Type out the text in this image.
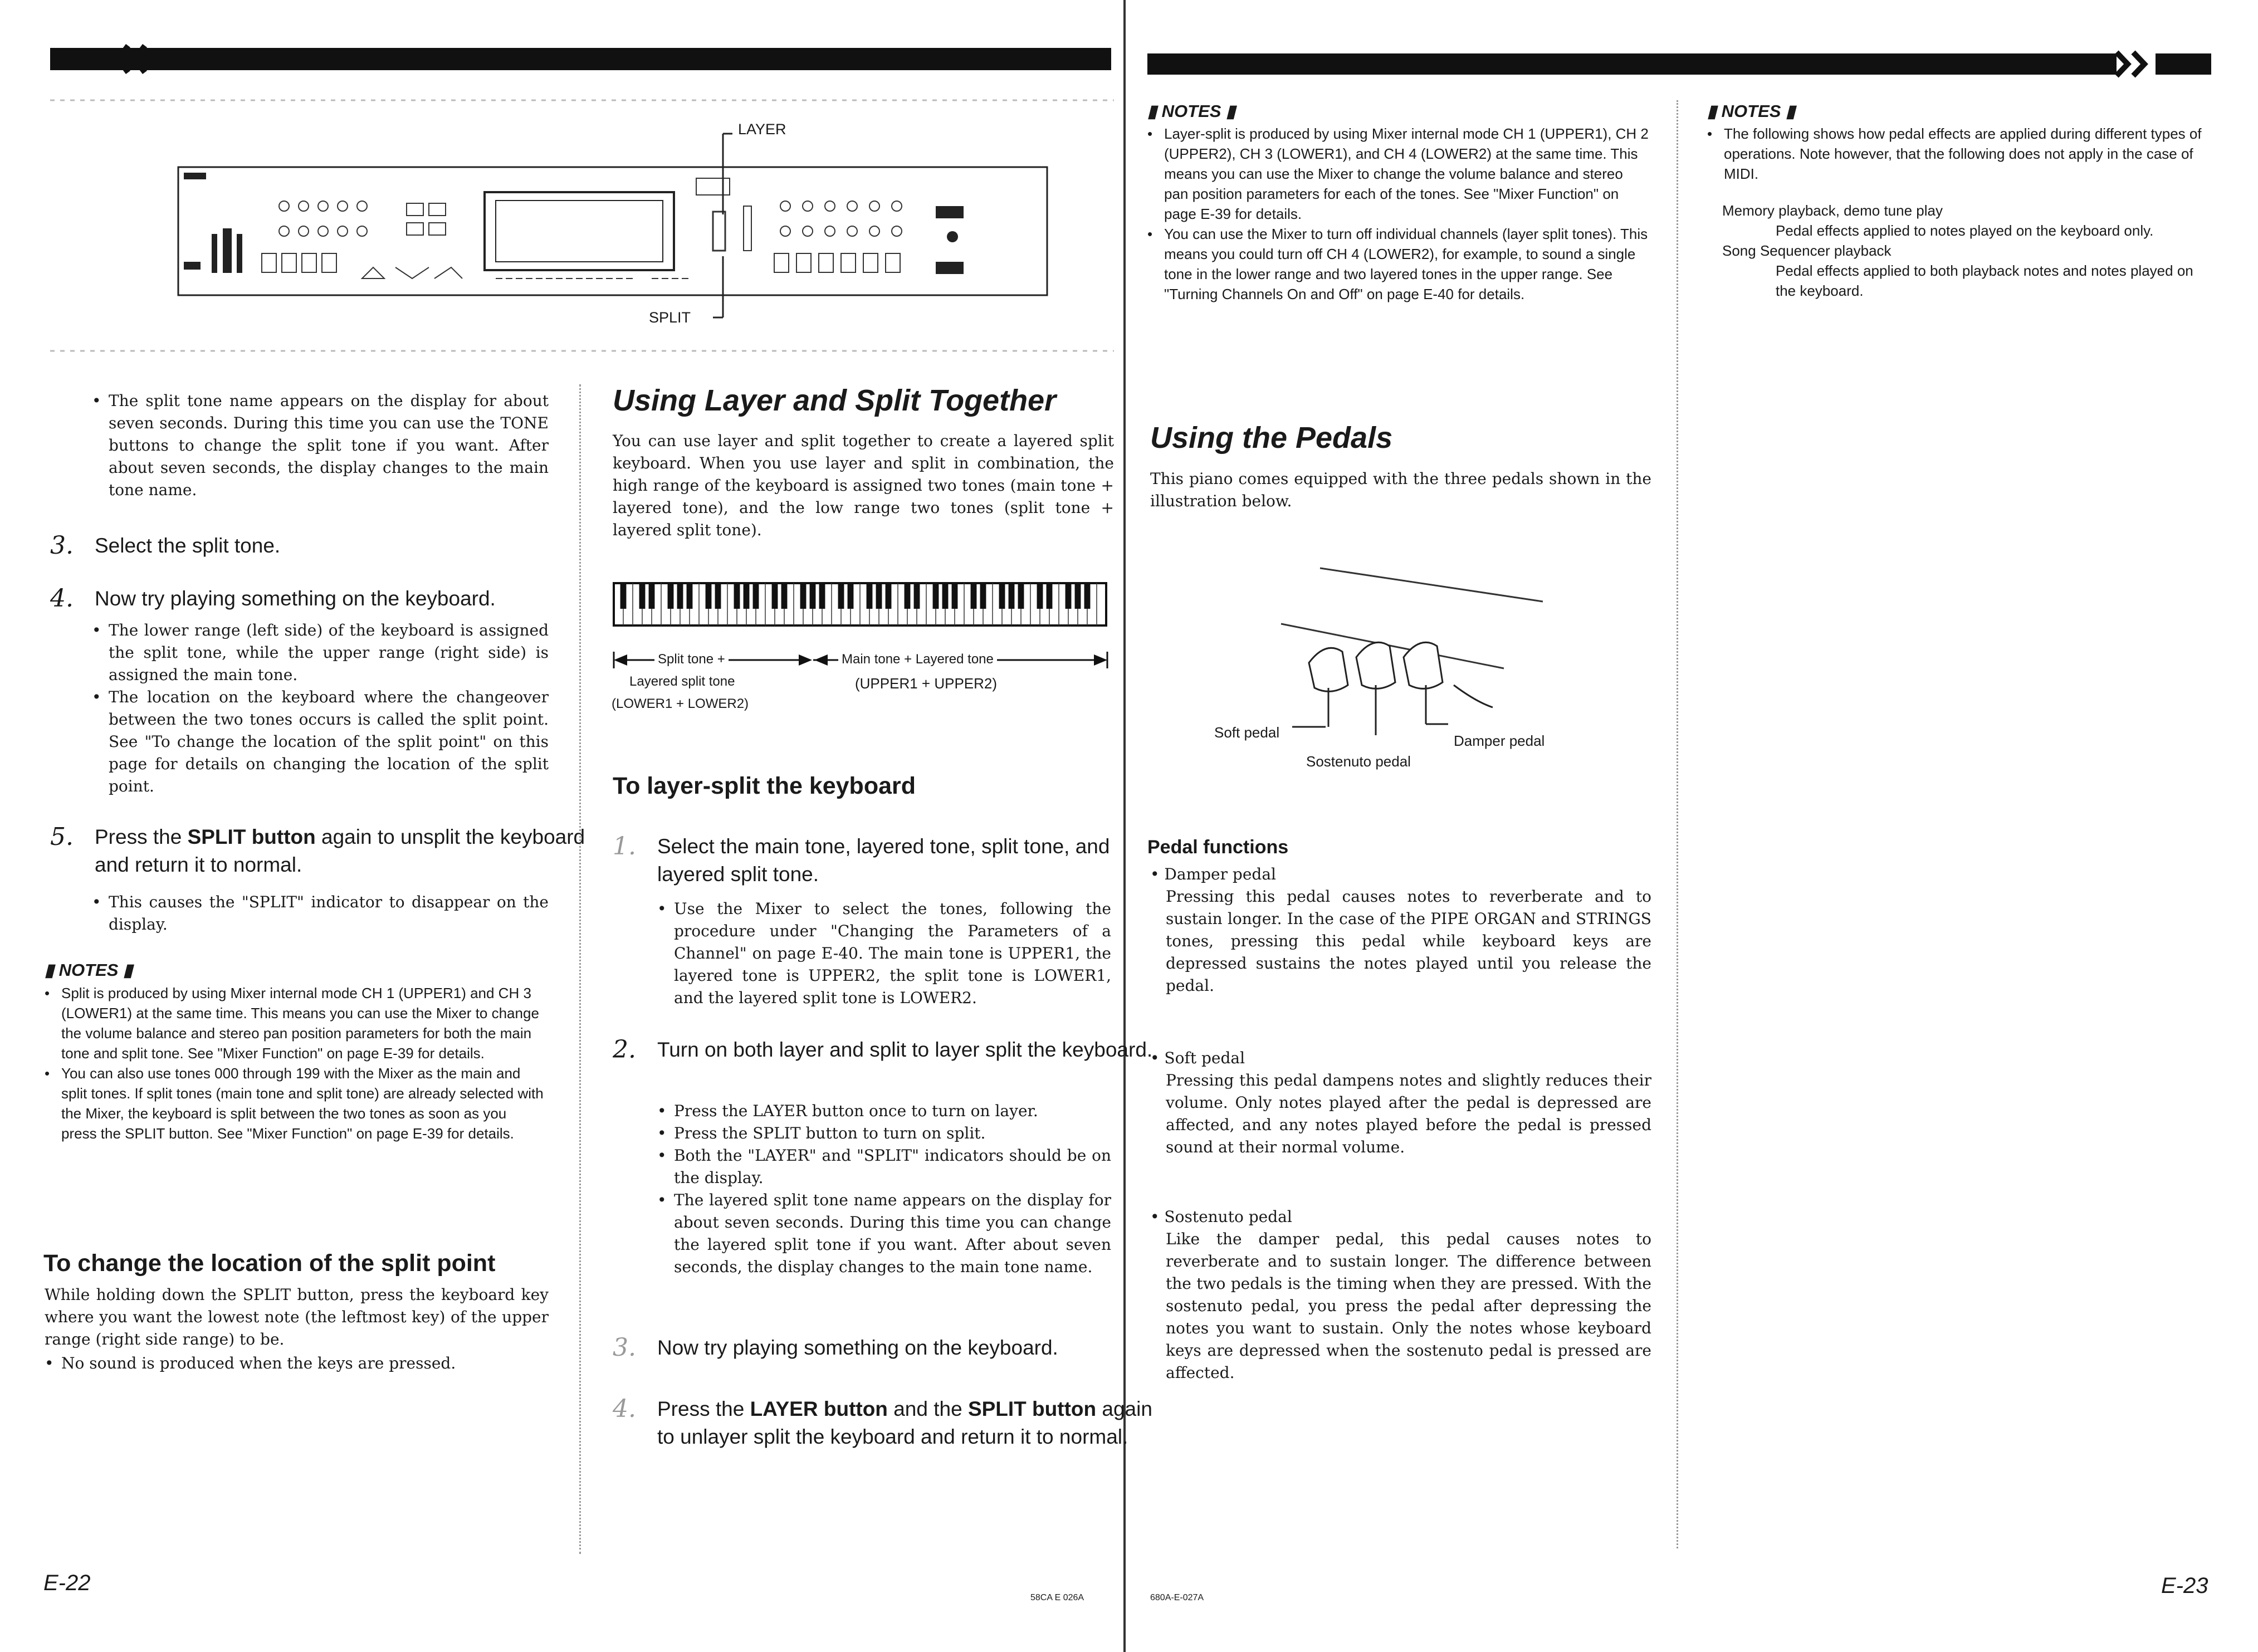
LAYER
SPLIT
• The split tone name appears on the display for about seven seconds. During this time you can use the TONE buttons to change the split tone if you want. After about seven seconds, the display changes to the main tone name.
3. Select the split tone.
4. Now try playing something on the keyboard.
• The lower range (left side) of the keyboard is assigned the split tone, while the upper range (right side) is assigned the main tone.
• The location on the keyboard where the changeover between the two tones occurs is called the split point. See "To change the location of the split point" on this page for details on changing the location of the split point.
5. Press the SPLIT button again to unsplit the keyboard and return it to normal.
• This causes the "SPLIT" indicator to disappear on the display.
▮ NOTES ▮
• Split is produced by using Mixer internal mode CH 1 (UPPER1) and CH 3 (LOWER1) at the same time. This means you can use the Mixer to change the volume balance and stereo pan position parameters for both the main tone and split tone. See "Mixer Function" on page E-39 for details.
• You can also use tones 000 through 199 with the Mixer as the main and split tones. If split tones (main tone and split tone) are already selected with the Mixer, the keyboard is split between the two tones as soon as you press the SPLIT button. See "Mixer Function" on page E-39 for details.
To change the location of the split point
While holding down the SPLIT button, press the keyboard key where you want the lowest note (the leftmost key) of the upper range (right side range) to be.
• No sound is produced when the keys are pressed.
E-22
Using Layer and Split Together
You can use layer and split together to create a layered split keyboard. When you use layer and split in combination, the high range of the keyboard is assigned two tones (main tone + layered tone), and the low range two tones (split tone + layered split tone).
Split tone +
Layered split tone
(LOWER1 + LOWER2)
Main tone + Layered tone
(UPPER1 + UPPER2)
To layer-split the keyboard
1. Select the main tone, layered tone, split tone, and layered split tone.
• Use the Mixer to select the tones, following the procedure under "Changing the Parameters of a Channel" on page E-40. The main tone is UPPER1, the layered tone is UPPER2, the split tone is LOWER1, and the layered split tone is LOWER2.
2. Turn on both layer and split to layer split the keyboard.
• Press the LAYER button once to turn on layer.
• Press the SPLIT button to turn on split.
• Both the "LAYER" and "SPLIT" indicators should be on the display.
• The layered split tone name appears on the display for about seven seconds. During this time you can change the layered split tone if you want. After about seven seconds, the display changes to the main tone name.
3. Now try playing something on the keyboard.
4. Press the LAYER button and the SPLIT button again to unlayer split the keyboard and return it to normal.
58CA E 026A
▮ NOTES ▮
• Layer-split is produced by using Mixer internal mode CH 1 (UPPER1), CH 2 (UPPER2), CH 3 (LOWER1), and CH 4 (LOWER2) at the same time. This means you can use the Mixer to change the volume balance and stereo pan position parameters for each of the tones. See "Mixer Function" on page E-39 for details.
• You can use the Mixer to turn off individual channels (layer split tones). This means you could turn off CH 4 (LOWER2), for example, to sound a single tone in the lower range and two layered tones in the upper range. See "Turning Channels On and Off" on page E-40 for details.
Using the Pedals
This piano comes equipped with the three pedals shown in the illustration below.
Soft pedal	Damper pedal
Sostenuto pedal
Pedal functions
• Damper pedal
Pressing this pedal causes notes to reverberate and to sustain longer. In the case of the PIPE ORGAN and STRINGS tones, pressing this pedal while keyboard keys are depressed sustains the notes played until you release the pedal.
• Soft pedal
Pressing this pedal dampens notes and slightly reduces their volume. Only notes played after the pedal is depressed are affected, and any notes played before the pedal is pressed sound at their normal volume.
• Sostenuto pedal
Like the damper pedal, this pedal causes notes to reverberate and to sustain longer. The difference between the two pedals is the timing when they are pressed. With the sostenuto pedal, you press the pedal after depressing the notes you want to sustain. Only the notes whose keyboard keys are depressed when the sostenuto pedal is pressed are affected.
680A-E-027A
▮ NOTES ▮
• The following shows how pedal effects are applied during different types of operations. Note however, that the following does not apply in the case of MIDI.
Memory playback, demo tune play
Pedal effects applied to notes played on the keyboard only.
Song Sequencer playback
Pedal effects applied to both playback notes and notes played on the keyboard.
E-23
